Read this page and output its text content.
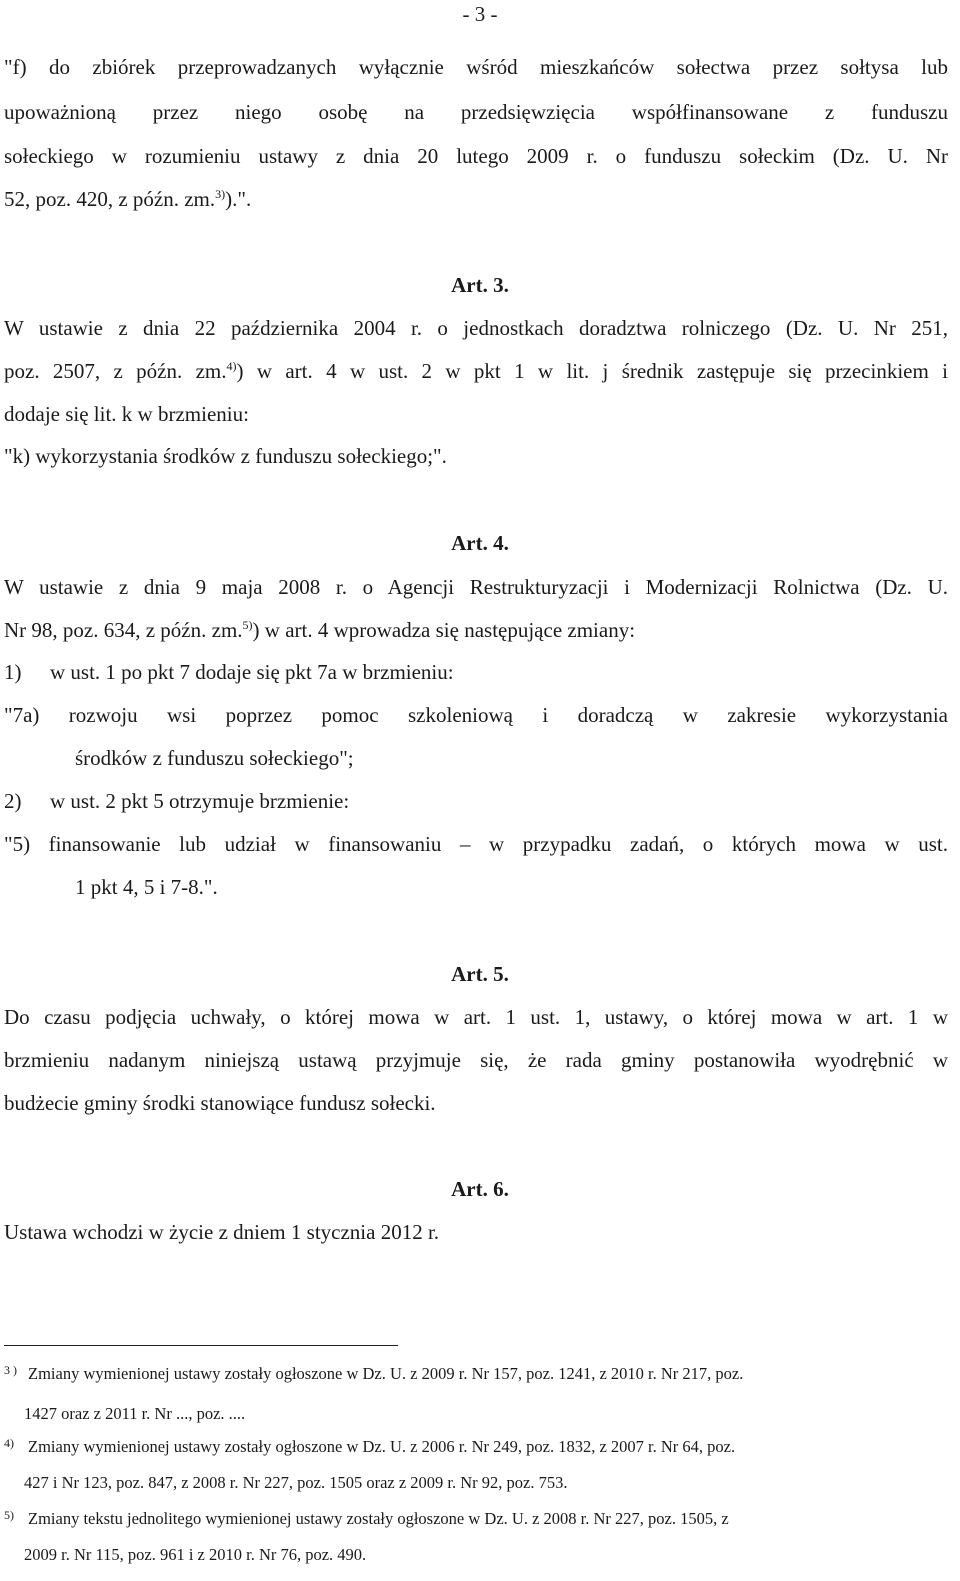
- 3 -
"f) do zbiórek przeprowadzanych wyłącznie wśród mieszkańców sołectwa przez sołtysa lub
upoważnioną przez niego osobę na przedsięwzięcia współfinansowane z funduszu
sołeckiego w rozumieniu ustawy z dnia 20 lutego 2009 r. o funduszu sołeckim (Dz. U. Nr
52, poz. 420, z późn. zm.$^{3)}$).".
Art. 3.
W ustawie z dnia 22 października 2004 r. o jednostkach doradztwa rolniczego (Dz. U. Nr 251,
poz. 2507, z późn. zm.$^{4)}$) w art. 4 w ust. 2 w pkt 1 w lit. j średnik zastępuje się przecinkiem i
dodaje się lit. k w brzmieniu:
"k) wykorzystania środków z funduszu sołeckiego;".
Art. 4.
W ustawie z dnia 9 maja 2008 r. o Agencji Restrukturyzacji i Modernizacji Rolnictwa (Dz. U.
Nr 98, poz. 634, z późn. zm.$^{5)}$) w art. 4 wprowadza się następujące zmiany:
1) w ust. 1 po pkt 7 dodaje się pkt 7a w brzmieniu:
"7a) rozwoju wsi poprzez pomoc szkoleniową i doradczą w zakresie wykorzystania
środków z funduszu sołeckiego";
2) w ust. 2 pkt 5 otrzymuje brzmienie:
"5) finansowanie lub udział w finansowaniu – w przypadku zadań, o których mowa w ust.
1 pkt 4, 5 i 7-8.".
Art. 5.
Do czasu podjęcia uchwały, o której mowa w art. 1 ust. 1, ustawy, o której mowa w art. 1 w
brzmieniu nadanym niniejszą ustawą przyjmuje się, że rada gminy postanowiła wyodrębnić w
budżecie gminy środki stanowiące fundusz sołecki.
Art. 6.
Ustawa wchodzi w życie z dniem 1 stycznia 2012 r.
3 ) Zmiany wymienionej ustawy zostały ogłoszone w Dz. U. z 2009 r. Nr 157, poz. 1241, z 2010 r. Nr 217, poz.
1427 oraz z 2011 r. Nr ..., poz. ....
4) Zmiany wymienionej ustawy zostały ogłoszone w Dz. U. z 2006 r. Nr 249, poz. 1832, z 2007 r. Nr 64, poz.
427 i Nr 123, poz. 847, z 2008 r. Nr 227, poz. 1505 oraz z 2009 r. Nr 92, poz. 753.
5) Zmiany tekstu jednolitego wymienionej ustawy zostały ogłoszone w Dz. U. z 2008 r. Nr 227, poz. 1505, z
2009 r. Nr 115, poz. 961 i z 2010 r. Nr 76, poz. 490.
